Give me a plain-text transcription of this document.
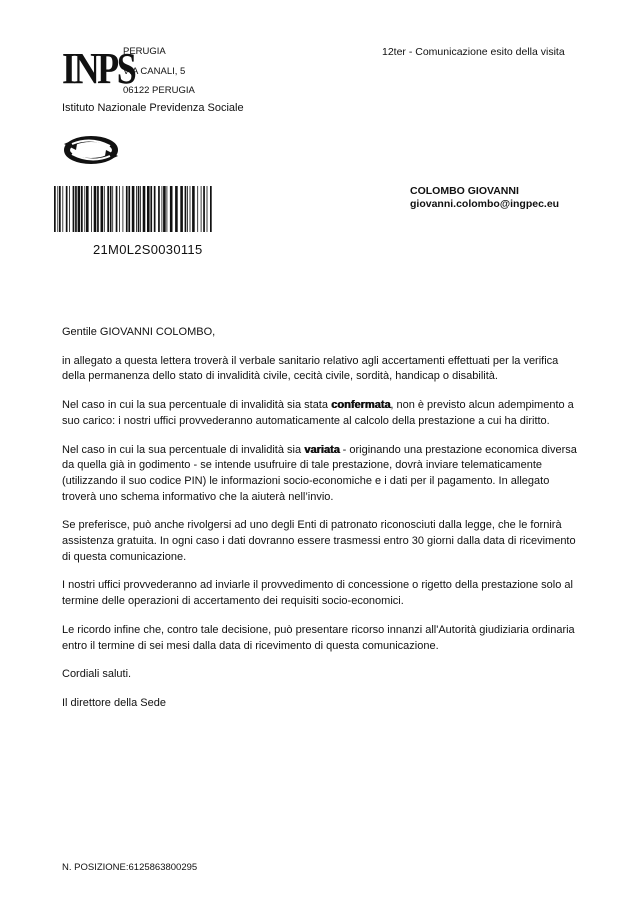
INPS
PERUGIA
VIA CANALI, 5
06122 PERUGIA
12ter - Comunicazione esito della visita
Istituto Nazionale Previdenza Sociale
21M0L2S0030115
COLOMBO GIOVANNI
giovanni.colombo@ingpec.eu

Gentile GIOVANNI COLOMBO,

in allegato a questa lettera troverà il verbale sanitario relativo agli accertamenti effettuati per la verifica della permanenza dello stato di invalidità civile, cecità civile, sordità, handicap o disabilità.

Nel caso in cui la sua percentuale di invalidità sia stata confermata, non è previsto alcun adempimento a suo carico: i nostri uffici provvederanno automaticamente al calcolo della prestazione a cui ha diritto.

Nel caso in cui la sua percentuale di invalidità sia variata - originando una prestazione economica diversa da quella già in godimento - se intende usufruire di tale prestazione, dovrà inviare telematicamente (utilizzando il suo codice PIN) le informazioni socio-economiche e i dati per il pagamento. In allegato troverà uno schema informativo che la aiuterà nell’invio.

Se preferisce, può anche rivolgersi ad uno degli Enti di patronato riconosciuti dalla legge, che le fornirà assistenza gratuita. In ogni caso i dati dovranno essere trasmessi entro 30 giorni dalla data di ricevimento di questa comunicazione.

I nostri uffici provvederanno ad inviarle il provvedimento di concessione o rigetto della prestazione solo al termine delle operazioni di accertamento dei requisiti socio-economici.

Le ricordo infine che, contro tale decisione, può presentare ricorso innanzi all'Autorità giudiziaria ordinaria entro il termine di sei mesi dalla data di ricevimento di questa comunicazione.

Cordiali saluti.

Il direttore della Sede

N. POSIZIONE:6125863800295
